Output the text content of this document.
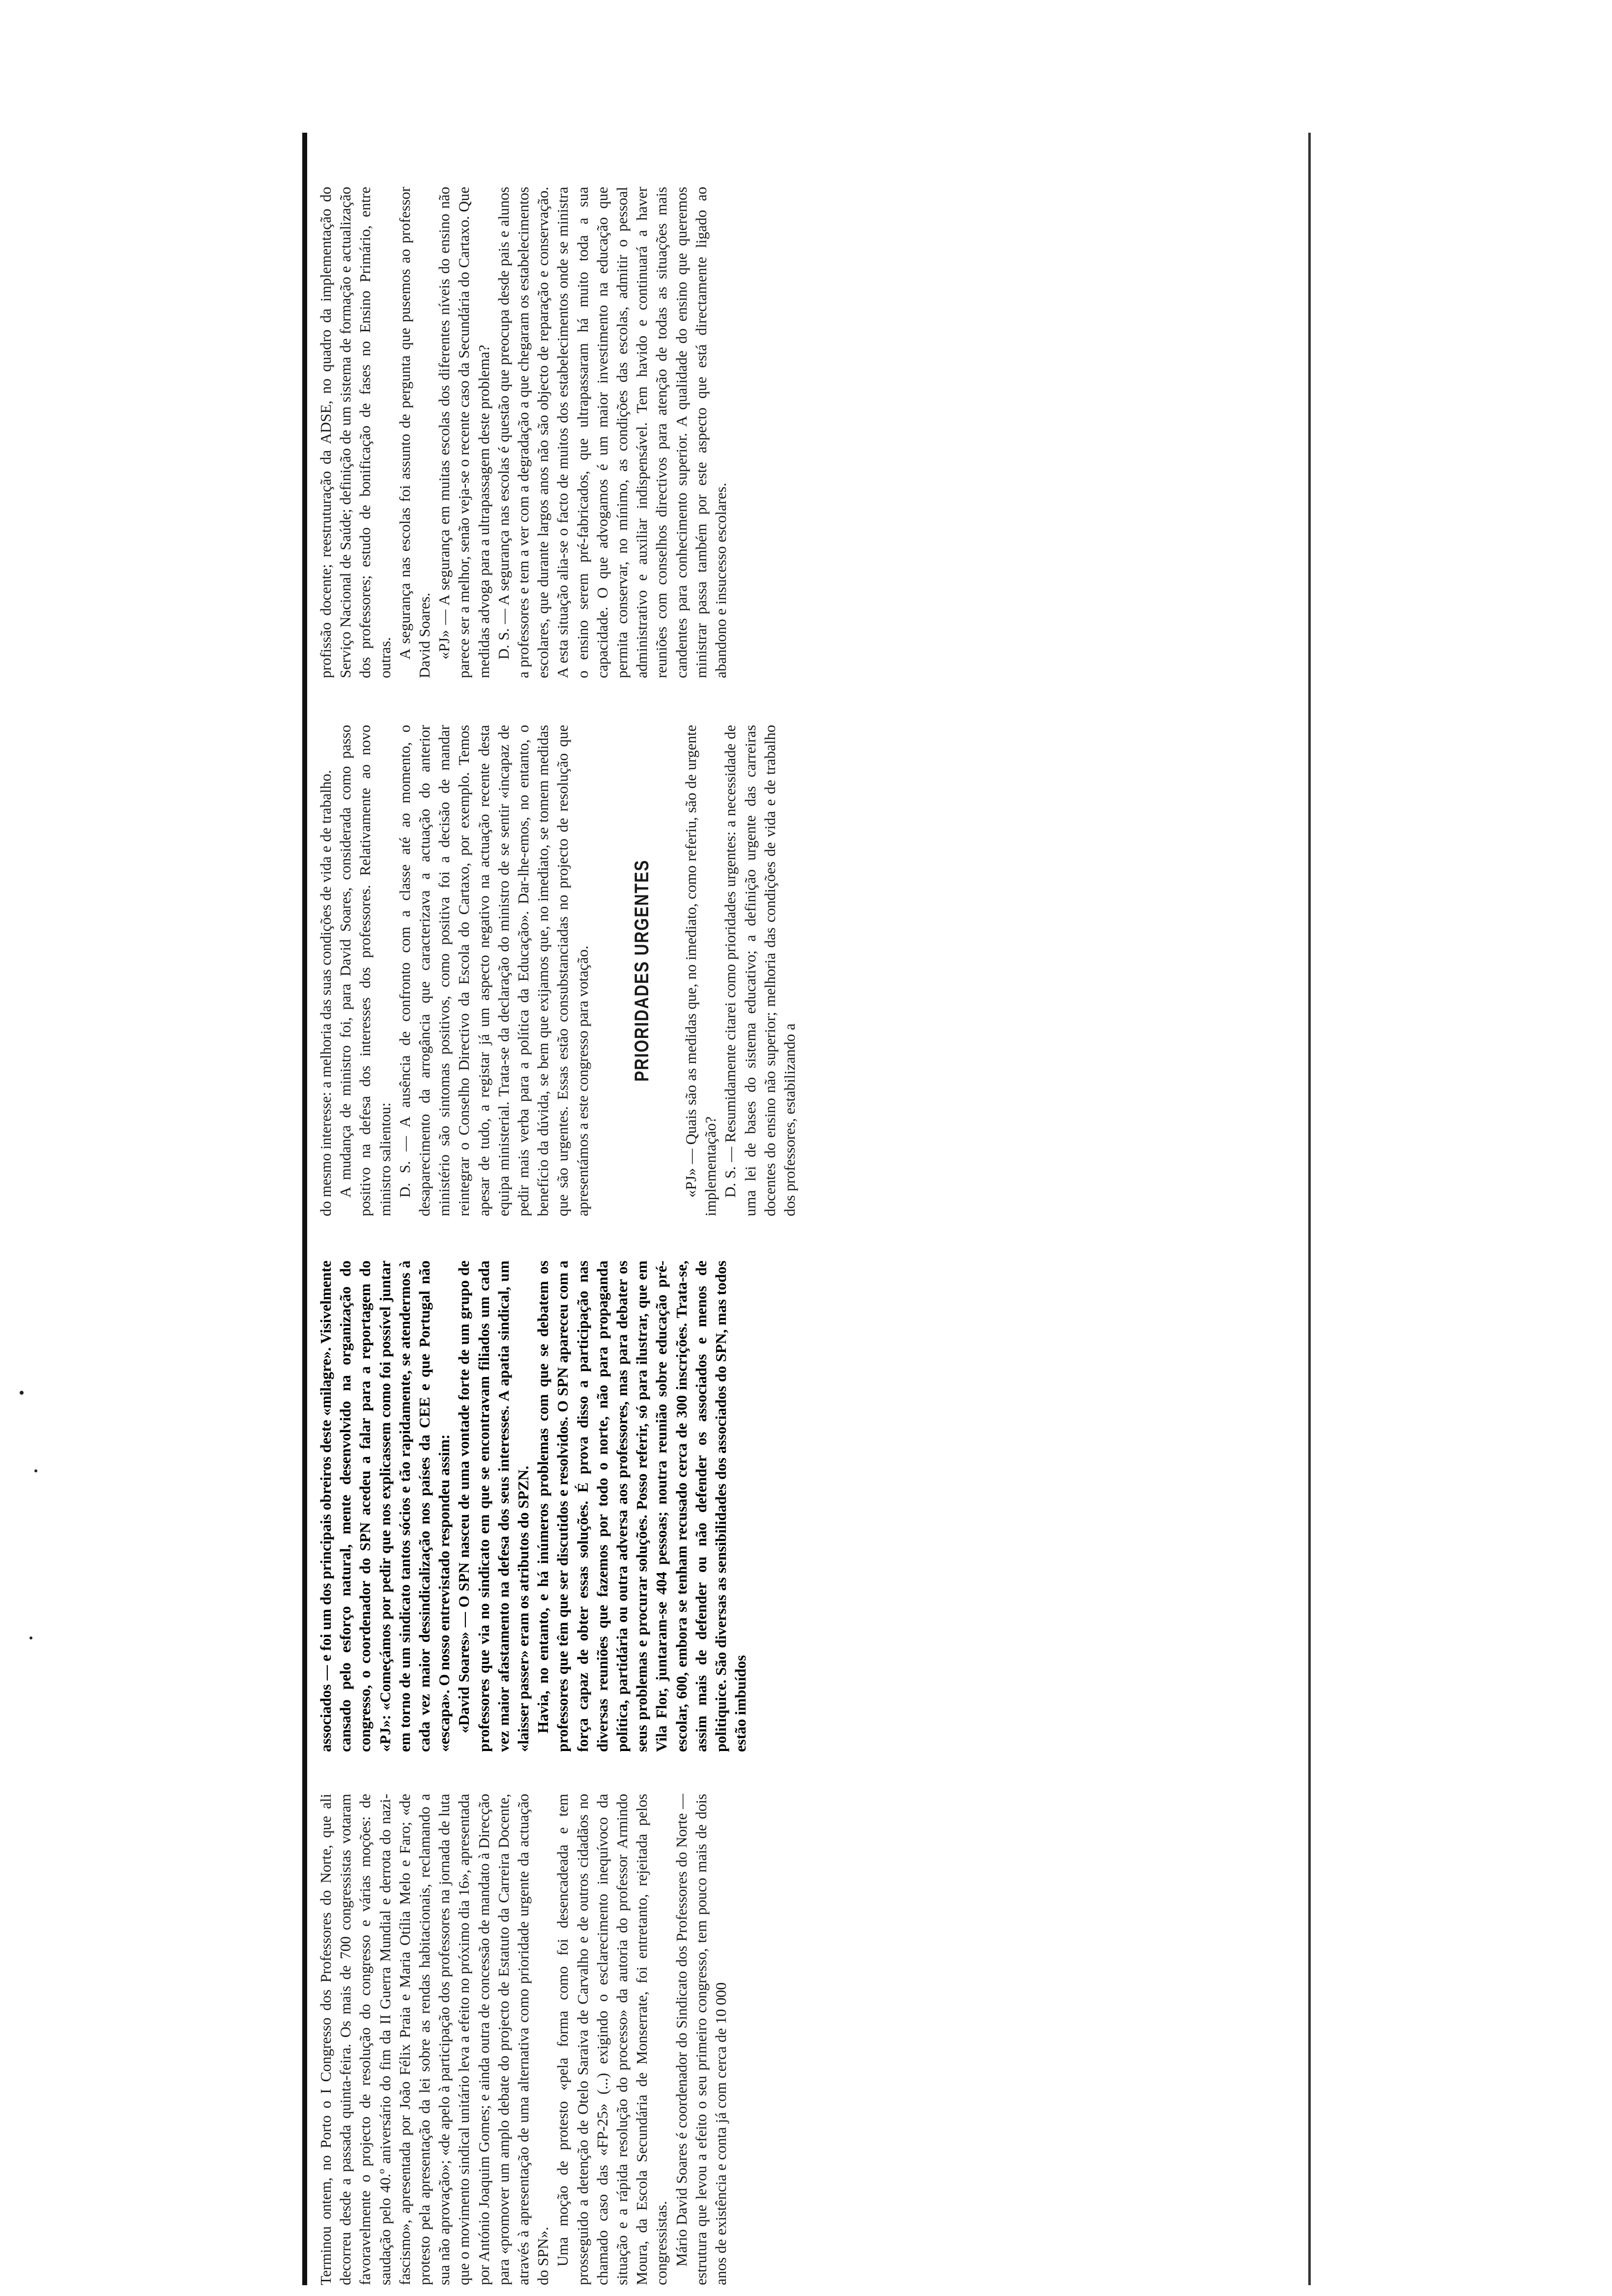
Terminou ontem, no Porto o I Congresso dos Professores do Norte, que ali decorreu desde a passada quinta-feira. Os mais de 700 congressistas votaram favoravelmente o projecto de resolução do congresso e várias moções: de saudação pelo 40.º aniversário do fim da II Guerra Mundial e derrota do nazi-fascismo», apresentada por João Félix Praia e Maria Otília Melo e Faro; «de protesto pela apresentação da lei sobre as rendas habitacionais, reclamando a sua não aprovação»; «de apelo à participação dos professores na jornada de luta que o movimento sindical unitário leva a efeito no próximo dia 16», apresentada por António Joaquim Gomes; e ainda outra de concessão de mandato à Direcção para «promover um amplo debate do projecto de Estatuto da Carreira Docente, através à apresentação de uma alternativa como prioridade urgente da actuação do SPN». Uma moção de protesto «pela forma como foi desencadeada e tem prosseguido a detenção de Otelo Saraiva de Carvalho e de outros cidadãos no chamado caso das «FP-25» (...) exigindo o esclarecimento inequívoco da situação e a rápida resolução do processo» da autoria do professor Armindo Moura, da Escola Secundária de Monserrate, foi entretanto, rejeitada pelos congressistas. Mário David Soares é coordenador do Sindicato dos Professores do Norte — estrutura que levou a efeito o seu primeiro congresso, tem pouco mais de dois anos de existência e conta já com cerca de 10 000

associados — e foi um dos principais obreiros deste «milagre». Visivelmente cansado pelo esforço natural, mente desenvolvido na organização do congresso, o coordenador do SPN acedeu a falar para a reportagem do «PJ»: «Começámos por pedir que nos explicassem como foi possível juntar em torno de um sindicato tantos sócios e tão rapidamente, se atendermos à cada vez maior dessindicalização nos países da CEE e que Portugal não «escapa». O nosso entrevistado respondeu assim: «David Soares» — O SPN nasceu de uma vontade forte de um grupo de professores que via no sindicato em que se encontravam filiados um cada vez maior afastamento na defesa dos seus interesses. A apatia sindical, um «laisser passer» eram os atributos do SPZN. Havia, no entanto, e há inúmeros problemas com que se debatem os professores que têm que ser discutidos e resolvidos. O SPN apareceu com a força capaz de obter essas soluções. É prova disso a participação nas diversas reuniões que fazemos por todo o norte, não para propaganda política, partidária ou outra adversa aos professores, mas para debater os seus problemas e procurar soluções. Posso referir, só para ilustrar, que em Vila Flor, juntaram-se 404 pessoas; noutra reunião sobre educação pré-escolar, 600, embora se tenham recusado cerca de 300 inscrições. Trata-se, assim mais de defender ou não defender os associados e menos de politiquice. São diversas as sensibilidades dos associados do SPN, mas todos estão imbuídos

do mesmo interesse: a melhoria das suas condições de vida e de trabalho. A mudança de ministro foi, para David Soares, considerada como passo positivo na defesa dos interesses dos professores. Relativamente ao novo ministro salientou: D. S. — A ausência de confronto com a classe até ao momento, o desaparecimento da arrogância que caracterizava a actuação do anterior ministério são sintomas positivos, como positiva foi a decisão de mandar reintegrar o Conselho Directivo da Escola do Cartaxo, por exemplo. Temos apesar de tudo, a registar já um aspecto negativo na actuação recente desta equipa ministerial. Trata-se da declaração do ministro de se sentir «incapaz de pedir mais verba para a política da Educação». Dar-lhe-emos, no entanto, o benefício da dúvida, se bem que exijamos que, no imediato, se tomem medidas que são urgentes. Essas estão consubstanciadas no projecto de resolução que apresentámos a este congresso para votação. PRIORIDADES URGENTES «PJ» — Quais são as medidas que, no imediato, como referiu, são de urgente implementação? D. S. — Resumidamente citarei como prioridades urgentes: a necessidade de uma lei de bases do sistema educativo; a definição urgente das carreiras docentes do ensino não superior; melhoria das condições de vida e de trabalho dos professores, estabilizando a

profissão docente; reestruturação da ADSE, no quadro da implementação do Serviço Nacional de Saúde; definição de um sistema de formação e actualização dos professores; estudo de bonificação de fases no Ensino Primário, entre outras. A segurança nas escolas foi assunto de pergunta que pusemos ao professor David Soares. «PJ» — A segurança em muitas escolas dos diferentes níveis do ensino não parece ser a melhor, senão veja-se o recente caso da Secundária do Cartaxo. Que medidas advoga para a ultrapassagem deste problema? D. S. — A segurança nas escolas é questão que preocupa desde pais e alunos a professores e tem a ver com a degradação a que chegaram os estabelecimentos escolares, que durante largos anos não são objecto de reparação e conservação. A esta situação alia-se o facto de muitos dos estabelecimentos onde se ministra o ensino serem pré-fabricados, que ultrapassaram há muito toda a sua capacidade. O que advogamos é um maior investimento na educação que permita conservar, no mínimo, as condições das escolas, admitir o pessoal administrativo e auxiliar indispensável. Tem havido e continuará a haver reuniões com conselhos directivos para atenção de todas as situações mais candentes para conhecimento superior. A qualidade do ensino que queremos ministrar passa também por este aspecto que está directamente ligado ao abandono e insucesso escolares.
